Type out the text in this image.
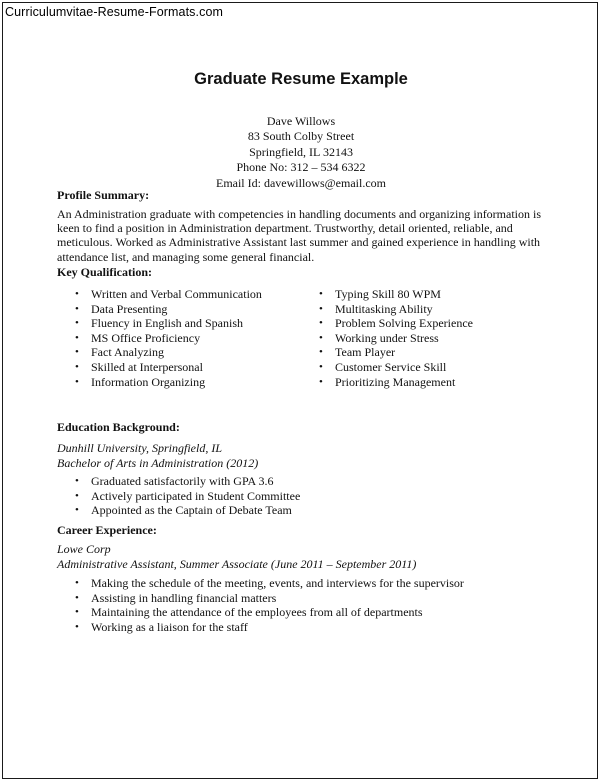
Curriculumvitae-Resume-Formats.com
Graduate Resume Example
Dave Willows
83 South Colby Street
Springfield, IL 32143
Phone No: 312 – 534 6322
Email Id: davewillows@email.com
Profile Summary:
An Administration graduate with competencies in handling documents and organizing information is
keen to find a position in Administration department. Trustworthy, detail oriented, reliable, and
meticulous. Worked as Administrative Assistant last summer and gained experience in handling with
attendance list, and managing some general financial.
Key Qualification:
• Written and Verbal Communication
• Data Presenting
• Fluency in English and Spanish
• MS Office Proficiency
• Fact Analyzing
• Skilled at Interpersonal
• Information Organizing
• Typing Skill 80 WPM
• Multitasking Ability
• Problem Solving Experience
• Working under Stress
• Team Player
• Customer Service Skill
• Prioritizing Management
Education Background:
Dunhill University, Springfield, IL
Bachelor of Arts in Administration (2012)
• Graduated satisfactorily with GPA 3.6
• Actively participated in Student Committee
• Appointed as the Captain of Debate Team
Career Experience:
Lowe Corp
Administrative Assistant, Summer Associate (June 2011 – September 2011)
• Making the schedule of the meeting, events, and interviews for the supervisor
• Assisting in handling financial matters
• Maintaining the attendance of the employees from all of departments
• Working as a liaison for the staff
